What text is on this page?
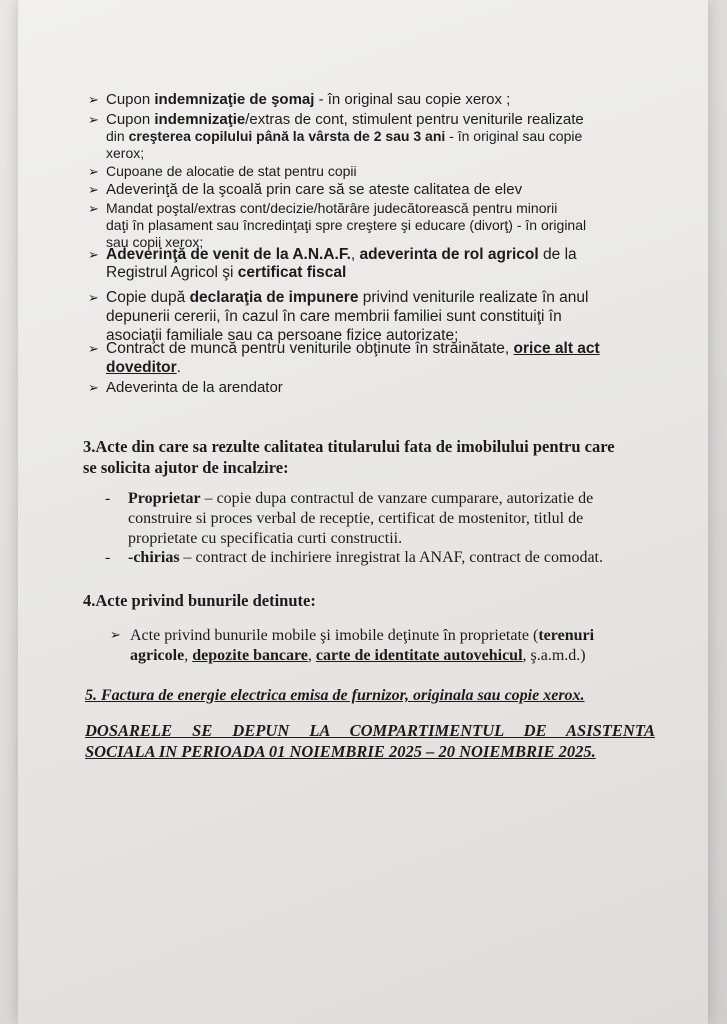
➢ Cupon indemnizaţie de şomaj - în original sau copie xerox ;
➢ Cupon indemnizaţie/extras de cont, stimulent pentru veniturile realizate
din creşterea copilului până la vârsta de 2 sau 3 ani - în original sau copie
xerox;
➢ Cupoane de alocatie de stat pentru copii
➢ Adeverinţă de la şcoală prin care să se ateste calitatea de elev
➢ Mandat poştal/extras cont/decizie/hotărâre judecătorească pentru minorii
daţi în plasament sau încredinţaţi spre creştere şi educare (divorţ) - în original
sau copii xerox;
➢ Adeverinţă de venit de la A.N.A.F., adeverinta de rol agricol de la
Registrul Agricol şi certificat fiscal
➢ Copie după declaraţia de impunere privind veniturile realizate în anul
depunerii cererii, în cazul în care membrii familiei sunt constituiţi în
asociaţii familiale sau ca persoane fizice autorizate;
➢ Contract de muncă pentru veniturile obţinute în străinătate, orice alt act
doveditor.
➢ Adeverinta de la arendator
3.Acte din care sa rezulte calitatea titularului fata de imobilului pentru care
se solicita ajutor de incalzire:
- Proprietar – copie dupa contractul de vanzare cumparare, autorizatie de
construire si proces verbal de receptie, certificat de mostenitor, titlul de
proprietate cu specificatia curti constructii.
- -chirias – contract de inchiriere inregistrat la ANAF, contract de comodat.
4.Acte privind bunurile detinute:
➢ Acte privind bunurile mobile şi imobile deţinute în proprietate (terenuri
agricole, depozite bancare, carte de identitate autovehicul, ş.a.m.d.)
5. Factura de energie electrica emisa de furnizor, originala sau copie xerox.
DOSARELE SE DEPUN LA COMPARTIMENTUL DE ASISTENTA
SOCIALA IN PERIOADA 01 NOIEMBRIE 2025 – 20 NOIEMBRIE 2025.
